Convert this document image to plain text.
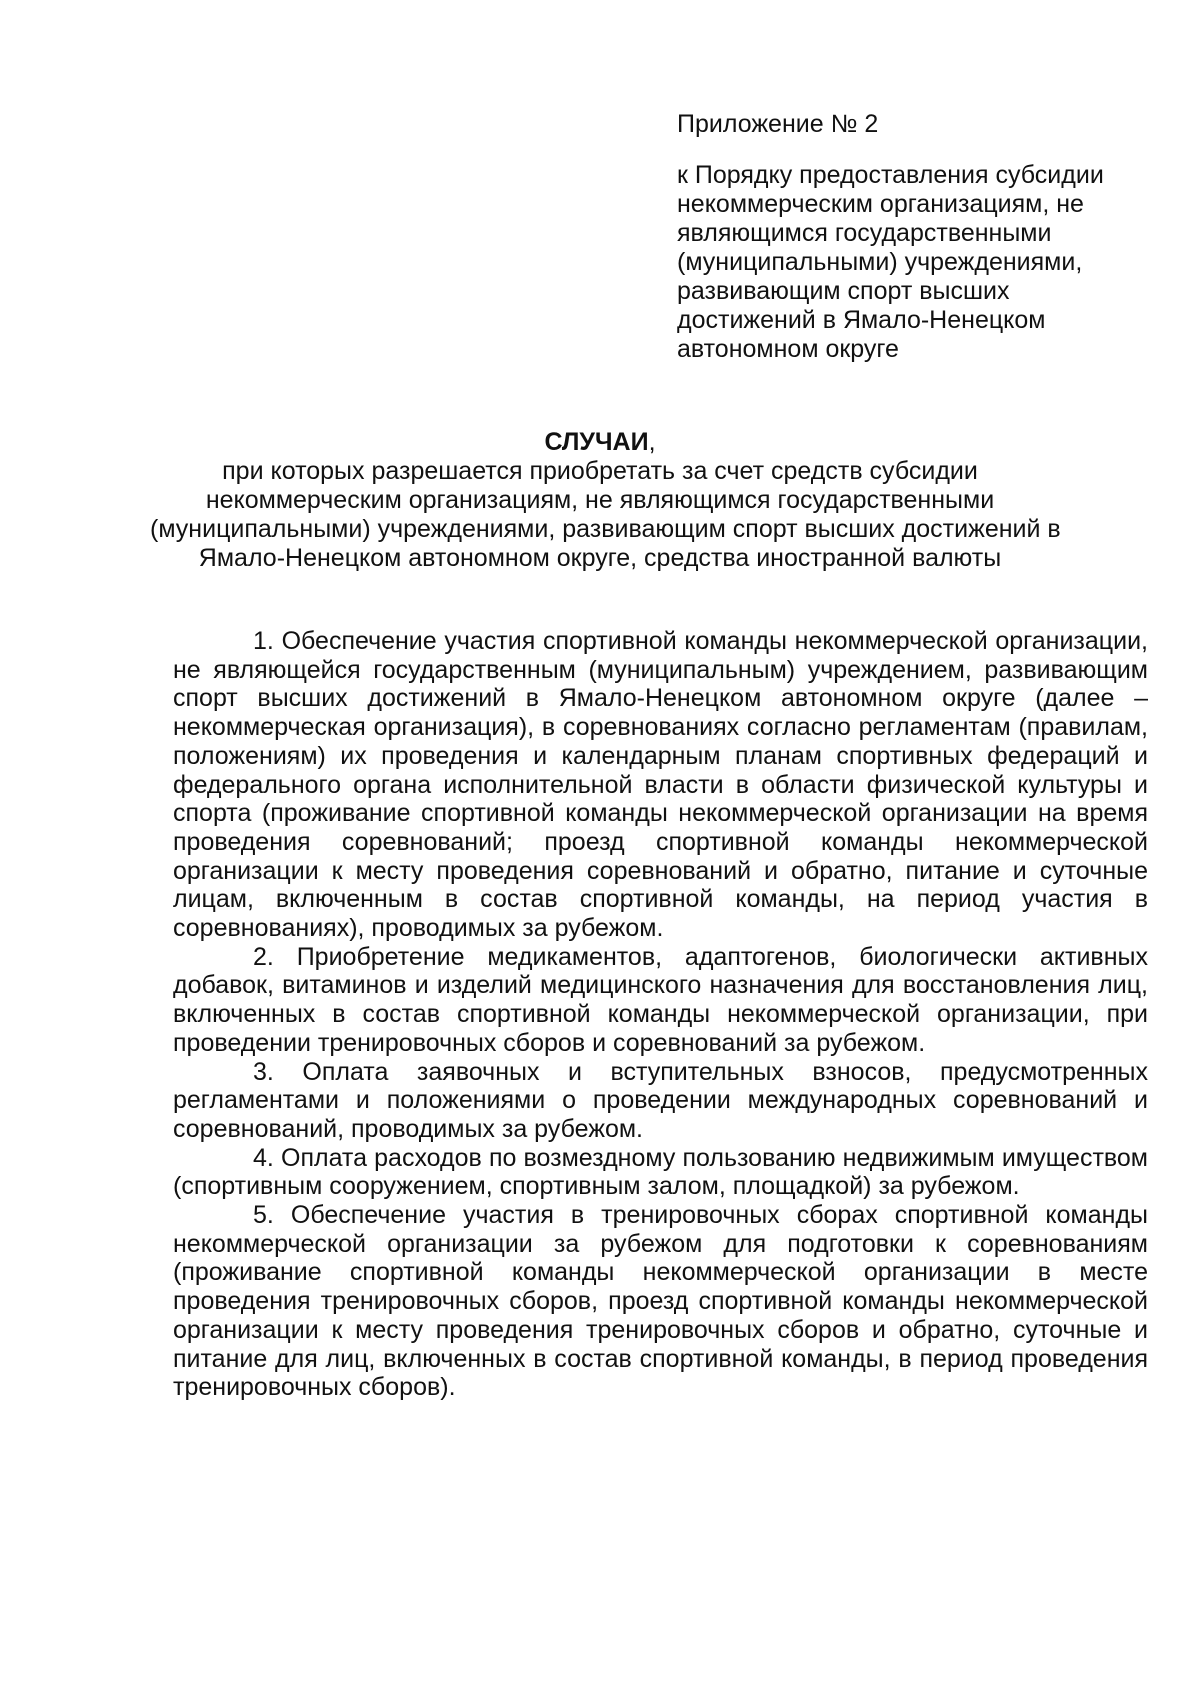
Приложение № 2

к Порядку предоставления субсидии
некоммерческим организациям, не
являющимся государственными
(муниципальными) учреждениями,
развивающим спорт высших
достижений в Ямало-Ненецком
автономном округе

СЛУЧАИ,
при которых разрешается приобретать за счет средств субсидии
некоммерческим организациям, не являющимся государственными
(муниципальными) учреждениями, развивающим спорт высших достижений в
Ямало-Ненецком автономном округе, средства иностранной валюты

1. Обеспечение участия спортивной команды некоммерческой организации, не являющейся государственным (муниципальным) учреждением, развивающим спорт высших достижений в Ямало-Ненецком автономном округе (далее – некоммерческая организация), в соревнованиях согласно регламентам (правилам, положениям) их проведения и календарным планам спортивных федераций и федерального органа исполнительной власти в области физической культуры и спорта (проживание спортивной команды некоммерческой организации на время проведения соревнований; проезд спортивной команды некоммерческой организации к месту проведения соревнований и обратно, питание и суточные лицам, включенным в состав спортивной команды, на период участия в соревнованиях), проводимых за рубежом.

2. Приобретение медикаментов, адаптогенов, биологически активных добавок, витаминов и изделий медицинского назначения для восстановления лиц, включенных в состав спортивной команды некоммерческой организации, при проведении тренировочных сборов и соревнований за рубежом.

3. Оплата заявочных и вступительных взносов, предусмотренных регламентами и положениями о проведении международных соревнований и соревнований, проводимых за рубежом.

4. Оплата расходов по возмездному пользованию недвижимым имуществом (спортивным сооружением, спортивным залом, площадкой) за рубежом.

5. Обеспечение участия в тренировочных сборах спортивной команды некоммерческой организации за рубежом для подготовки к соревнованиям (проживание спортивной команды некоммерческой организации в месте проведения тренировочных сборов, проезд спортивной команды некоммерческой организации к месту проведения тренировочных сборов и обратно, суточные и питание для лиц, включенных в состав спортивной команды, в период проведения тренировочных сборов).
